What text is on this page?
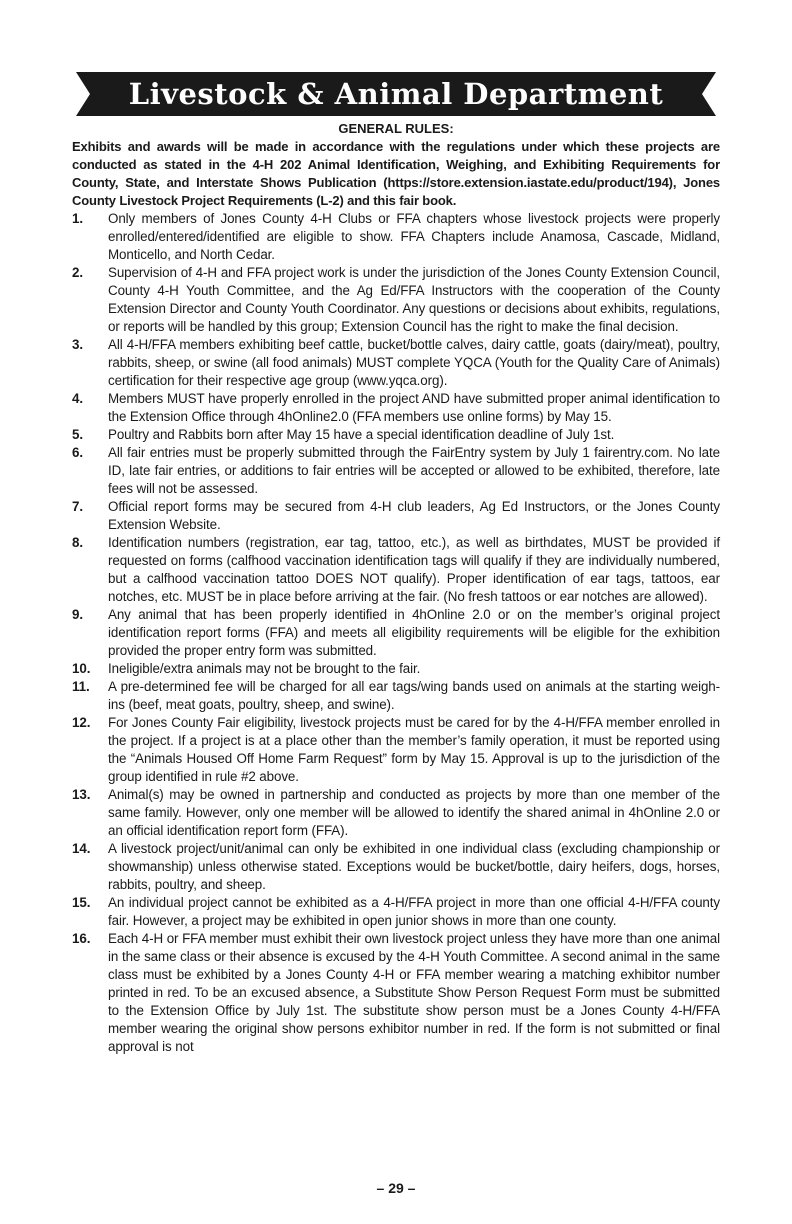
Livestock & Animal Department
GENERAL RULES:

Exhibits and awards will be made in accordance with the regulations under which these projects are conducted as stated in the 4-H 202 Animal Identification, Weighing, and Exhibiting Requirements for County, State, and Interstate Shows Publication (https://store.extension.iastate.edu/product/194), Jones County Livestock Project Requirements (L-2) and this fair book.

1.	Only members of Jones County 4-H Clubs or FFA chapters whose livestock projects were properly enrolled/entered/identified are eligible to show. FFA Chapters include Anamosa, Cascade, Midland, Monticello, and North Cedar.
2.	Supervision of 4-H and FFA project work is under the jurisdiction of the Jones County Extension Council, County 4-H Youth Committee, and the Ag Ed/FFA Instructors with the cooperation of the County Extension Director and County Youth Coordinator. Any questions or decisions about exhibits, regulations, or reports will be handled by this group; Extension Council has the right to make the final decision.
3.	All 4-H/FFA members exhibiting beef cattle, bucket/bottle calves, dairy cattle, goats (dairy/meat), poultry, rabbits, sheep, or swine (all food animals) MUST complete YQCA (Youth for the Quality Care of Animals) certification for their respective age group (www.yqca.org).
4.	Members MUST have properly enrolled in the project AND have submitted proper animal identification to the Extension Office through 4hOnline2.0 (FFA members use online forms) by May 15.
5.	Poultry and Rabbits born after May 15 have a special identification deadline of July 1st.
6.	All fair entries must be properly submitted through the FairEntry system by July 1 fairentry.com. No late ID, late fair entries, or additions to fair entries will be accepted or allowed to be exhibited, therefore, late fees will not be assessed.
7.	Official report forms may be secured from 4-H club leaders, Ag Ed Instructors, or the Jones County Extension Website.
8.	Identification numbers (registration, ear tag, tattoo, etc.), as well as birthdates, MUST be provided if requested on forms (calfhood vaccination identification tags will qualify if they are individually numbered, but a calfhood vaccination tattoo DOES NOT qualify). Proper identification of ear tags, tattoos, ear notches, etc. MUST be in place before arriving at the fair. (No fresh tattoos or ear notches are allowed).
9.	Any animal that has been properly identified in 4hOnline 2.0 or on the member’s original project identification report forms (FFA) and meets all eligibility requirements will be eligible for the exhibition provided the proper entry form was submitted.
10.	Ineligible/extra animals may not be brought to the fair.
11.	A pre-determined fee will be charged for all ear tags/wing bands used on animals at the starting weigh-ins (beef, meat goats, poultry, sheep, and swine).
12.	For Jones County Fair eligibility, livestock projects must be cared for by the 4-H/FFA member enrolled in the project. If a project is at a place other than the member’s family operation, it must be reported using the “Animals Housed Off Home Farm Request” form by May 15. Approval is up to the jurisdiction of the group identified in rule #2 above.
13.	Animal(s) may be owned in partnership and conducted as projects by more than one member of the same family. However, only one member will be allowed to identify the shared animal in 4hOnline 2.0 or an official identification report form (FFA).
14.	A livestock project/unit/animal can only be exhibited in one individual class (excluding championship or showmanship) unless otherwise stated. Exceptions would be bucket/bottle, dairy heifers, dogs, horses, rabbits, poultry, and sheep.
15.	An individual project cannot be exhibited as a 4-H/FFA project in more than one official 4-H/FFA county fair. However, a project may be exhibited in open junior shows in more than one county.
16.	Each 4-H or FFA member must exhibit their own livestock project unless they have more than one animal in the same class or their absence is excused by the 4-H Youth Committee. A second animal in the same class must be exhibited by a Jones County 4-H or FFA member wearing a matching exhibitor number printed in red. To be an excused absence, a Substitute Show Person Request Form must be submitted to the Extension Office by July 1st. The substitute show person must be a Jones County 4-H/FFA member wearing the original show persons exhibitor number in red. If the form is not submitted or final approval is not
– 29 –
